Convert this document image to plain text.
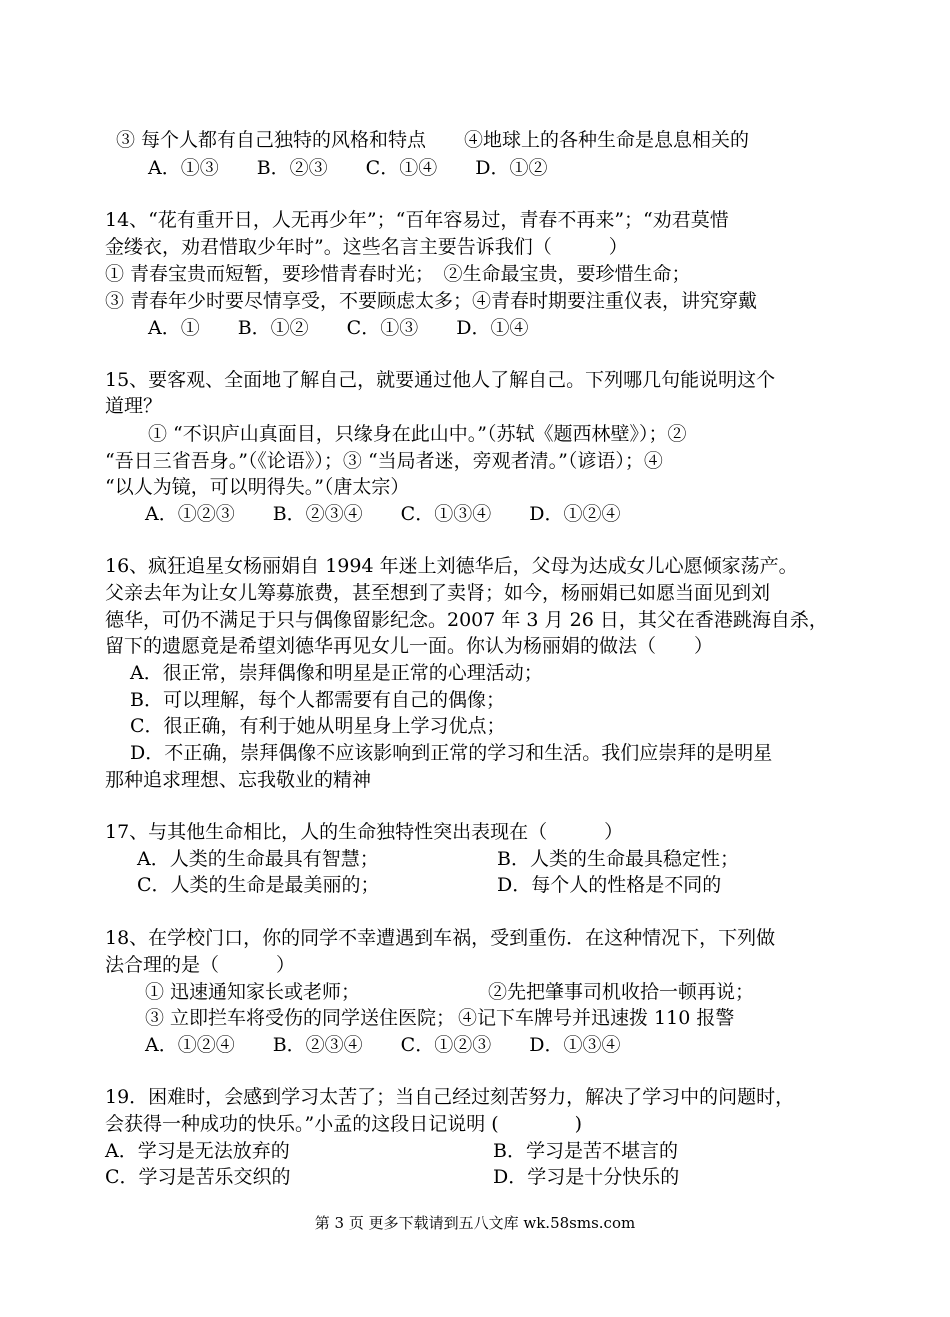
③ 每个人都有自己独特的风格和特点　　④地球上的各种生命是息息相关的
A．①③　　B．②③　　C．①④　　D．①②
14、“花有重开日，人无再少年”；“百年容易过，青春不再来”；“劝君莫惜
金缕衣，劝君惜取少年时”。这些名言主要告诉我们（　　　）
① 青春宝贵而短暂，要珍惜青春时光；　②生命最宝贵，要珍惜生命；
③ 青春年少时要尽情享受，不要顾虑太多；④青春时期要注重仪表，讲究穿戴
A．①　　B．①②　　C．①③　　D．①④
15、要客观、全面地了解自己，就要通过他人了解自己。下列哪几句能说明这个
道理？
① “不识庐山真面目，只缘身在此山中。”（苏轼《题西林壁》）；②
“吾日三省吾身。”（《论语》）；③ “当局者迷，旁观者清。”（谚语）；④
“以人为镜，可以明得失。”（唐太宗）
A．①②③　　B．②③④　　C．①③④　　D．①②④
16、疯狂追星女杨丽娟自 1994 年迷上刘德华后，父母为达成女儿心愿倾家荡产。
父亲去年为让女儿筹募旅费，甚至想到了卖肾；如今，杨丽娟已如愿当面见到刘
德华，可仍不满足于只与偶像留影纪念。2007 年 3 月 26 日，其父在香港跳海自杀，
留下的遗愿竟是希望刘德华再见女儿一面。你认为杨丽娟的做法（　　）
A．很正常，崇拜偶像和明星是正常的心理活动；
B．可以理解，每个人都需要有自己的偶像；
C．很正确，有利于她从明星身上学习优点；
D．不正确，崇拜偶像不应该影响到正常的学习和生活。我们应崇拜的是明星
那种追求理想、忘我敬业的精神
17、与其他生命相比，人的生命独特性突出表现在（　　　）
A．人类的生命最具有智慧；	B．人类的生命最具稳定性；
C．人类的生命是最美丽的；	D．每个人的性格是不同的
18、在学校门口，你的同学不幸遭遇到车祸，受到重伤．在这种情况下，下列做
法合理的是（　　　）
① 迅速通知家长或老师；	②先把肇事司机收拾一顿再说；
③ 立即拦车将受伤的同学送住医院； ④记下车牌号并迅速拨 110 报警
A．①②④　　B．②③④　　C．①②③　　D．①③④
19．困难时，会感到学习太苦了；当自己经过刻苦努力，解决了学习中的问题时，
会获得一种成功的快乐。”小孟的这段日记说明 (　　　　)
A．学习是无法放弃的	B．学习是苦不堪言的
C．学习是苦乐交织的	D．学习是十分快乐的
第 3 页 更多下载请到五八文库 wk.58sms.com
